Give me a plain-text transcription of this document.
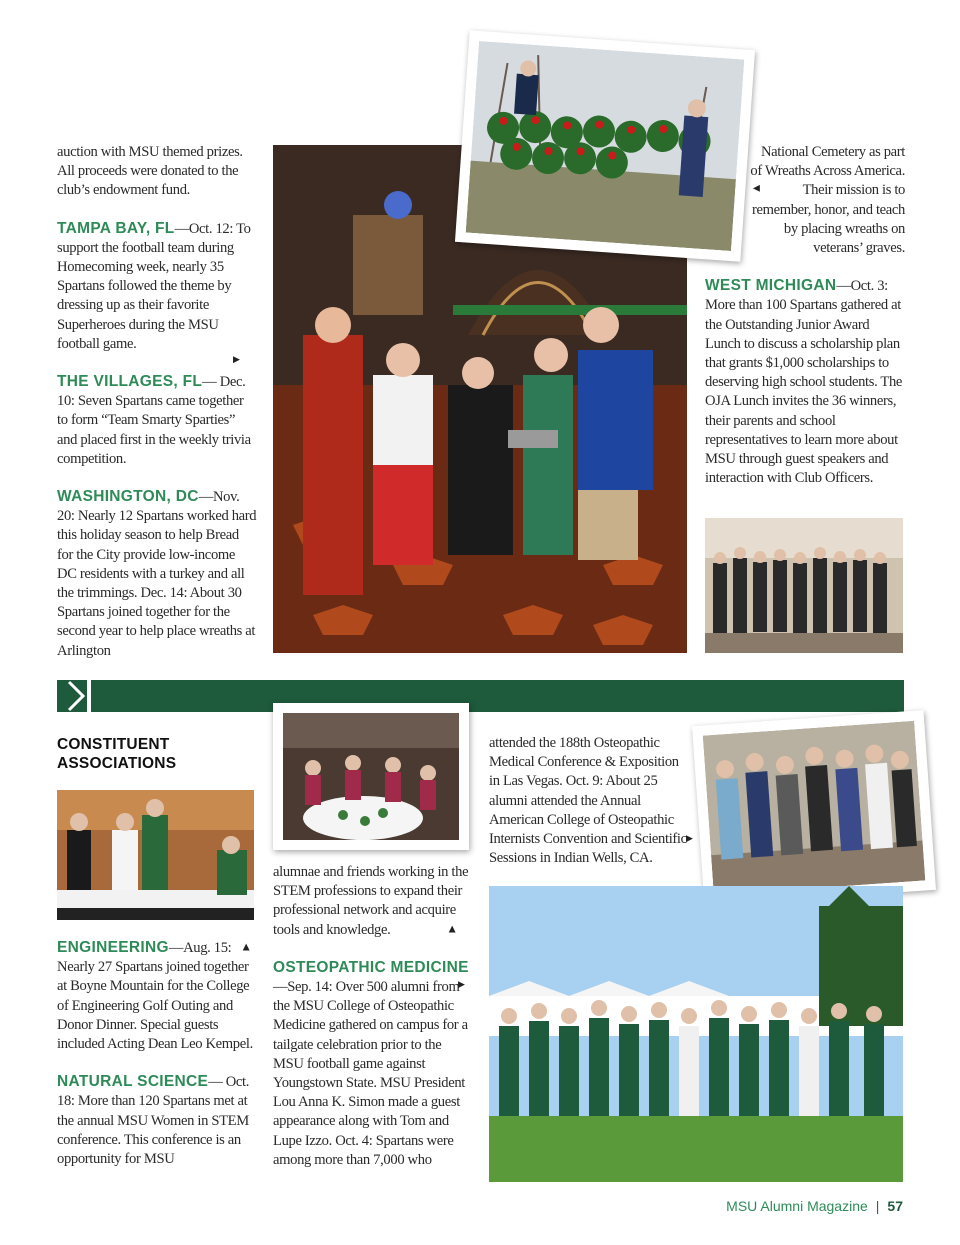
auction with MSU themed prizes. All proceeds were donated to the club’s endowment fund.

TAMPA BAY, FL—Oct. 12: To support the football team during Homecoming week, nearly 35 Spartans followed the theme by dressing up as their favorite Superheroes during the MSU football game.

THE VILLAGES, FL— Dec. 10: Seven Spartans came together to form “Team Smarty Sparties” and placed first in the weekly trivia competition.

WASHINGTON, DC—Nov. 20: Nearly 12 Spartans worked hard this holiday season to help Bread for the City provide low-income DC residents with a turkey and all the trimmings. Dec. 14: About 30 Spartans joined together for the second year to help place wreaths at Arlington

▶

National Cemetery as part of Wreaths Across America. Their mission is to remember, honor, and teach by placing wreaths on veterans’ graves.

WEST MICHIGAN—Oct. 3: More than 100 Spartans gathered at the Outstanding Junior Award Lunch to discuss a scholarship plan that grants $1,000 scholarships to deserving high school students. The OJA Lunch invites the 36 winners, their parents and school representatives to learn more about MSU through guest speakers and interaction with Club Officers.

▶
CONSTITUENT
ASSOCIATIONS

ENGINEERING—Aug. 15: Nearly 27 Spartans joined together at Boyne Mountain for the College of Engineering Golf Outing and Donor Dinner. Special guests included Acting Dean Leo Kempel.

NATURAL SCIENCE— Oct. 18: More than 120 Spartans met at the annual MSU Women in STEM conference. This conference is an opportunity for MSU

▶

alumnae and friends working in the STEM professions to expand their professional network and acquire tools and knowledge.

OSTEOPATHIC MEDICINE—Sep. 14: Over 500 alumni from the MSU College of Osteopathic Medicine gathered on campus for a tailgate celebration prior to the MSU football game against Youngstown State. MSU President Lou Anna K. Simon made a guest appearance along with Tom and Lupe Izzo. Oct. 4: Spartans were among more than 7,000 who

▶
▶

attended the 188th Osteopathic Medical Conference & Exposition in Las Vegas. Oct. 9: About 25 alumni attended the Annual American College of Osteopathic Internists Convention and Scientific Sessions in Indian Wells, CA.

▶
MSU Alumni Magazine | 57
